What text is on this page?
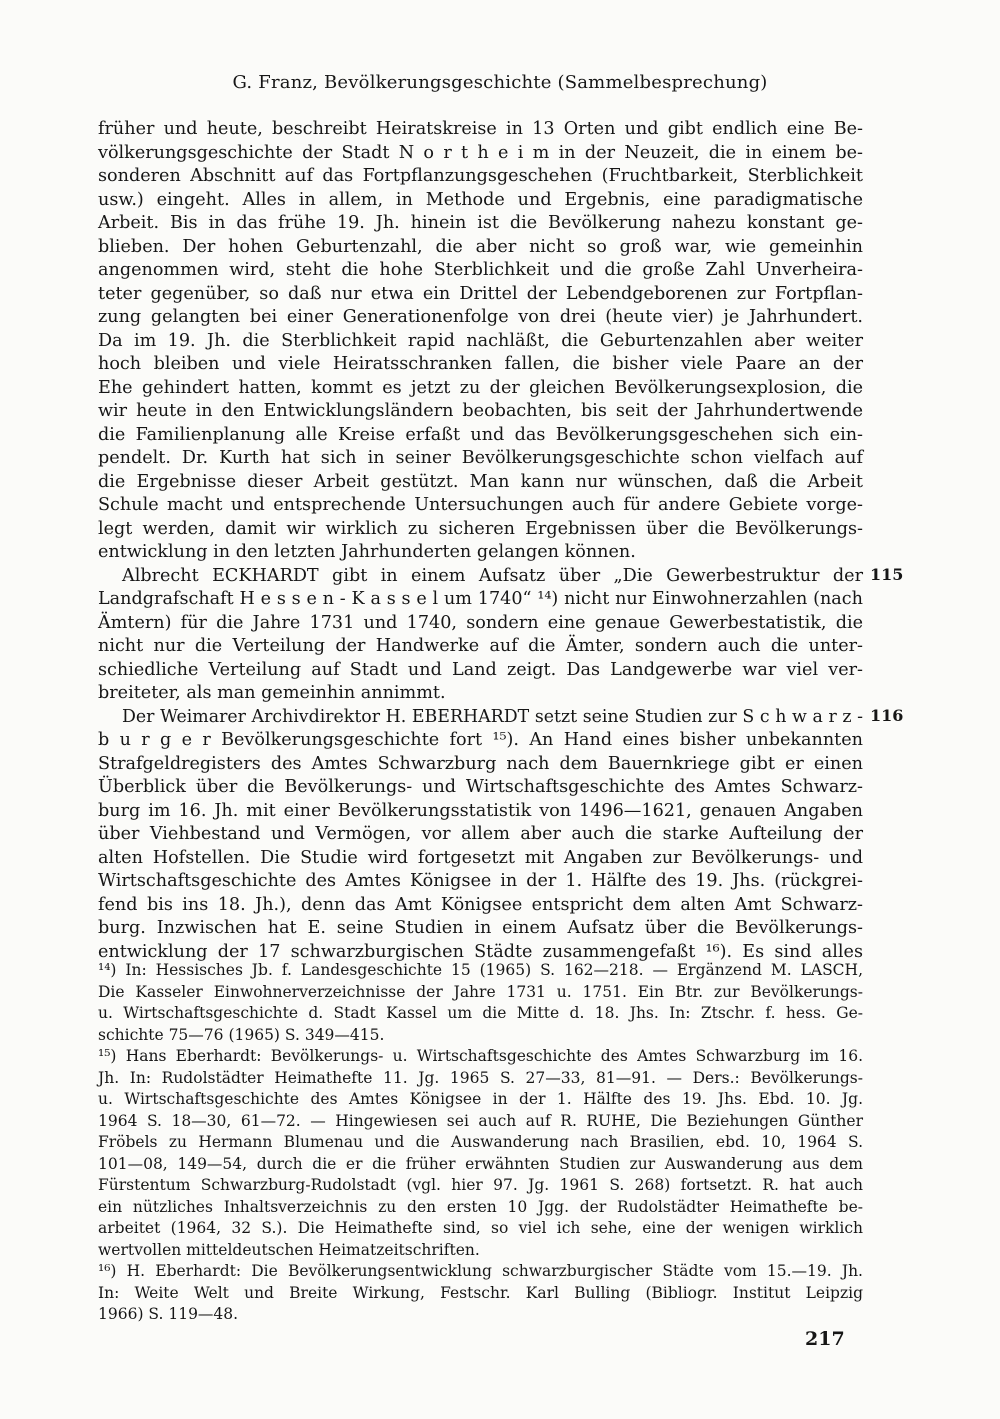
G. Franz, Bevölkerungsgeschichte (Sammelbesprechung)
früher und heute, beschreibt Heiratskreise in 13 Orten und gibt endlich eine Be-
völkerungsgeschichte der Stadt N o r t h e i m in der Neuzeit, die in einem be-
sonderen Abschnitt auf das Fortpflanzungsgeschehen (Fruchtbarkeit, Sterblichkeit
usw.) eingeht. Alles in allem, in Methode und Ergebnis, eine paradigmatische
Arbeit. Bis in das frühe 19. Jh. hinein ist die Bevölkerung nahezu konstant ge-
blieben. Der hohen Geburtenzahl, die aber nicht so groß war, wie gemeinhin
angenommen wird, steht die hohe Sterblichkeit und die große Zahl Unverheira-
teter gegenüber, so daß nur etwa ein Drittel der Lebendgeborenen zur Fortpflan-
zung gelangten bei einer Generationenfolge von drei (heute vier) je Jahrhundert.
Da im 19. Jh. die Sterblichkeit rapid nachläßt, die Geburtenzahlen aber weiter
hoch bleiben und viele Heiratsschranken fallen, die bisher viele Paare an der
Ehe gehindert hatten, kommt es jetzt zu der gleichen Bevölkerungsexplosion, die
wir heute in den Entwicklungsländern beobachten, bis seit der Jahrhundertwende
die Familienplanung alle Kreise erfaßt und das Bevölkerungsgeschehen sich ein-
pendelt. Dr. Kurth hat sich in seiner Bevölkerungsgeschichte schon vielfach auf
die Ergebnisse dieser Arbeit gestützt. Man kann nur wünschen, daß die Arbeit
Schule macht und entsprechende Untersuchungen auch für andere Gebiete vorge-
legt werden, damit wir wirklich zu sicheren Ergebnissen über die Bevölkerungs-
entwicklung in den letzten Jahrhunderten gelangen können.
Albrecht ECKHARDT gibt in einem Aufsatz über „Die Gewerbestruktur der
Landgrafschaft H e s s e n - K a s s e l um 1740“ ¹⁴) nicht nur Einwohnerzahlen (nach
Ämtern) für die Jahre 1731 und 1740, sondern eine genaue Gewerbestatistik, die
nicht nur die Verteilung der Handwerke auf die Ämter, sondern auch die unter-
schiedliche Verteilung auf Stadt und Land zeigt. Das Landgewerbe war viel ver-
breiteter, als man gemeinhin annimmt.
Der Weimarer Archivdirektor H. EBERHARDT setzt seine Studien zur S c h w a r z -
b u r g e r Bevölkerungsgeschichte fort ¹⁵). An Hand eines bisher unbekannten
Strafgeldregisters des Amtes Schwarzburg nach dem Bauernkriege gibt er einen
Überblick über die Bevölkerungs- und Wirtschaftsgeschichte des Amtes Schwarz-
burg im 16. Jh. mit einer Bevölkerungsstatistik von 1496—1621, genauen Angaben
über Viehbestand und Vermögen, vor allem aber auch die starke Aufteilung der
alten Hofstellen. Die Studie wird fortgesetzt mit Angaben zur Bevölkerungs- und
Wirtschaftsgeschichte des Amtes Königsee in der 1. Hälfte des 19. Jhs. (rückgrei-
fend bis ins 18. Jh.), denn das Amt Königsee entspricht dem alten Amt Schwarz-
burg. Inzwischen hat E. seine Studien in einem Aufsatz über die Bevölkerungs-
entwicklung der 17 schwarzburgischen Städte zusammengefaßt ¹⁶). Es sind alles
115
116
¹⁴) In: Hessisches Jb. f. Landesgeschichte 15 (1965) S. 162—218. — Ergänzend M. LASCH,
Die Kasseler Einwohnerverzeichnisse der Jahre 1731 u. 1751. Ein Btr. zur Bevölkerungs-
u. Wirtschaftsgeschichte d. Stadt Kassel um die Mitte d. 18. Jhs. In: Ztschr. f. hess. Ge-
schichte 75—76 (1965) S. 349—415.
¹⁵) Hans Eberhardt: Bevölkerungs- u. Wirtschaftsgeschichte des Amtes Schwarzburg im 16.
Jh. In: Rudolstädter Heimathefte 11. Jg. 1965 S. 27—33, 81—91. — Ders.: Bevölkerungs-
u. Wirtschaftsgeschichte des Amtes Königsee in der 1. Hälfte des 19. Jhs. Ebd. 10. Jg.
1964 S. 18—30, 61—72. — Hingewiesen sei auch auf R. RUHE, Die Beziehungen Günther
Fröbels zu Hermann Blumenau und die Auswanderung nach Brasilien, ebd. 10, 1964 S.
101—08, 149—54, durch die er die früher erwähnten Studien zur Auswanderung aus dem
Fürstentum Schwarzburg-Rudolstadt (vgl. hier 97. Jg. 1961 S. 268) fortsetzt. R. hat auch
ein nützliches Inhaltsverzeichnis zu den ersten 10 Jgg. der Rudolstädter Heimathefte be-
arbeitet (1964, 32 S.). Die Heimathefte sind, so viel ich sehe, eine der wenigen wirklich
wertvollen mitteldeutschen Heimatzeitschriften.
¹⁶) H. Eberhardt: Die Bevölkerungsentwicklung schwarzburgischer Städte vom 15.—19. Jh.
In: Weite Welt und Breite Wirkung, Festschr. Karl Bulling (Bibliogr. Institut Leipzig
1966) S. 119—48.
217
